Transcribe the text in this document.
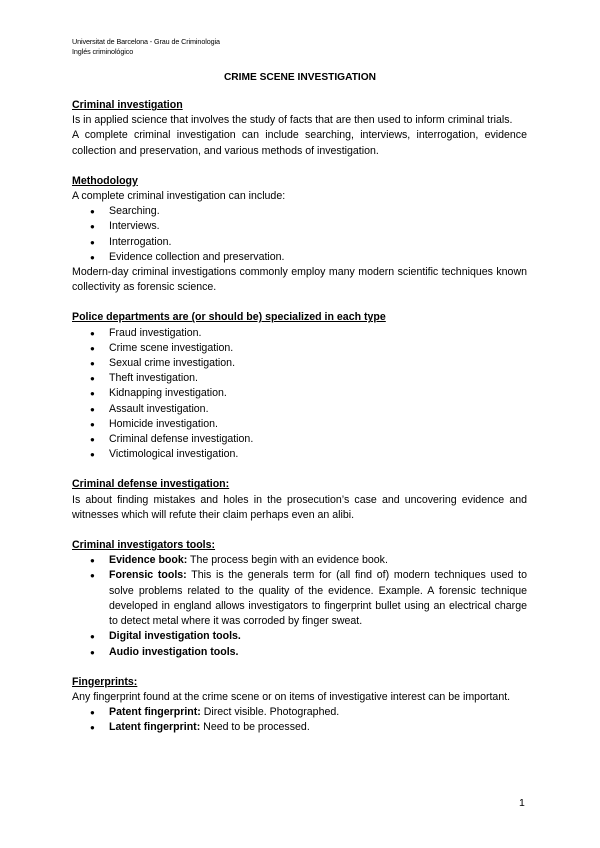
Universitat de Barcelona - Grau de Criminologia
Inglés criminológico
CRIME SCENE INVESTIGATION

Criminal investigation

Is in applied science that involves the study of facts that are then used to inform criminal trials.

A complete criminal investigation can include searching, interviews, interrogation, evidence collection and preservation, and various methods of investigation.

Methodology

A complete criminal investigation can include:

● Searching.
● Interviews.
● Interrogation.
● Evidence collection and preservation.

Modern-day criminal investigations commonly employ many modern scientific techniques known collectivity as forensic science.

Police departments are (or should be) specialized in each type

● Fraud investigation.
● Crime scene investigation.
● Sexual crime investigation.
● Theft investigation.
● Kidnapping investigation.
● Assault investigation.
● Homicide investigation.
● Criminal defense investigation.
● Victimological investigation.

Criminal defense investigation:

Is about finding mistakes and holes in the prosecution’s case and uncovering evidence and witnesses which will refute their claim perhaps even an alibi.

Criminal investigators tools:

● Evidence book: The process begin with an evidence book.
● Forensic tools: This is the generals term for (all find of) modern techniques used to solve problems related to the quality of the evidence. Example. A forensic technique developed in england allows investigators to fingerprint bullet using an electrical charge to detect metal where it was corroded by finger sweat.
● Digital investigation tools.
● Audio investigation tools.

Fingerprints:

Any fingerprint found at the crime scene or on items of investigative interest can be important.

● Patent fingerprint: Direct visible. Photographed.
● Latent fingerprint: Need to be processed.
1
